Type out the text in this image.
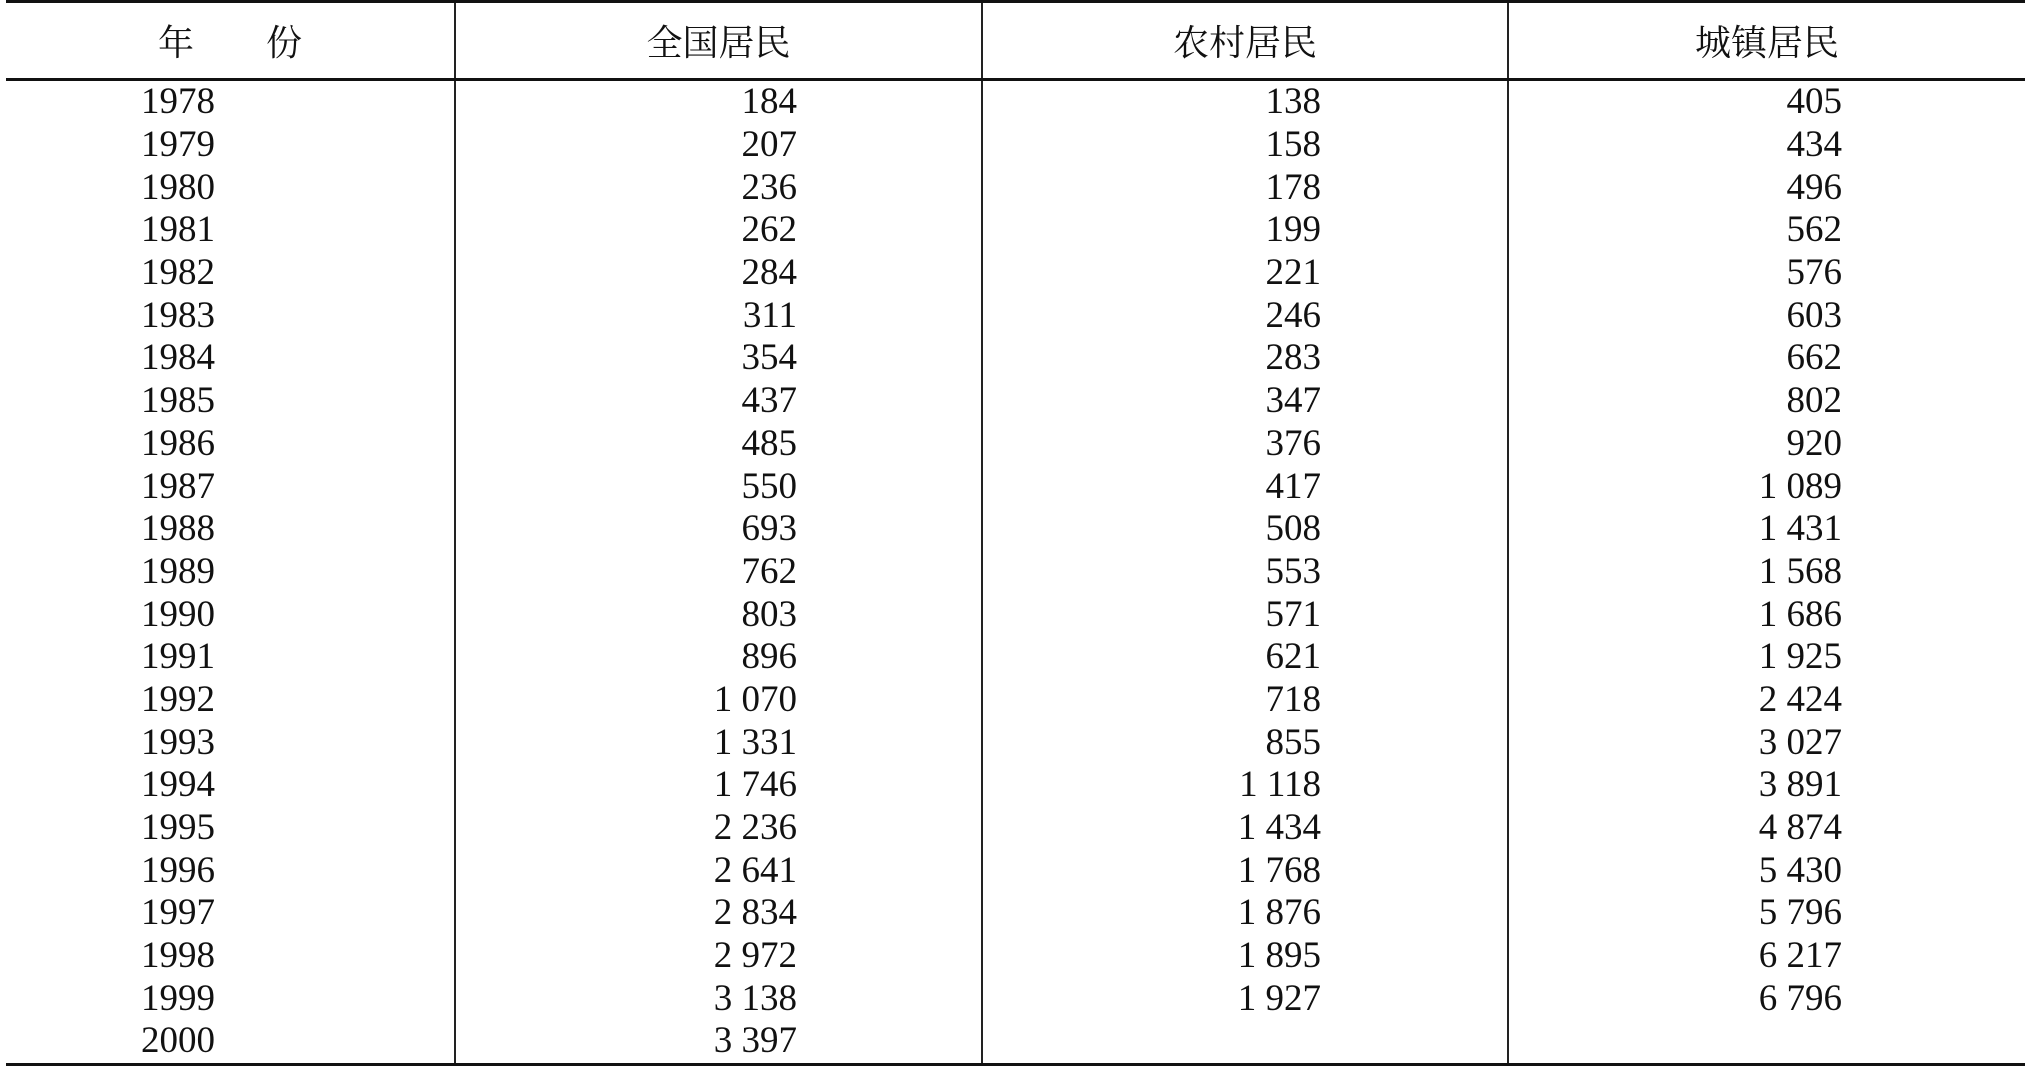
年　　份	全国居民	农村居民	城镇居民
1978	184	138	405
1979	207	158	434
1980	236	178	496
1981	262	199	562
1982	284	221	576
1983	311	246	603
1984	354	283	662
1985	437	347	802
1986	485	376	920
1987	550	417	1 089
1988	693	508	1 431
1989	762	553	1 568
1990	803	571	1 686
1991	896	621	1 925
1992	1 070	718	2 424
1993	1 331	855	3 027
1994	1 746	1 118	3 891
1995	2 236	1 434	4 874
1996	2 641	1 768	5 430
1997	2 834	1 876	5 796
1998	2 972	1 895	6 217
1999	3 138	1 927	6 796
2000	3 397		
